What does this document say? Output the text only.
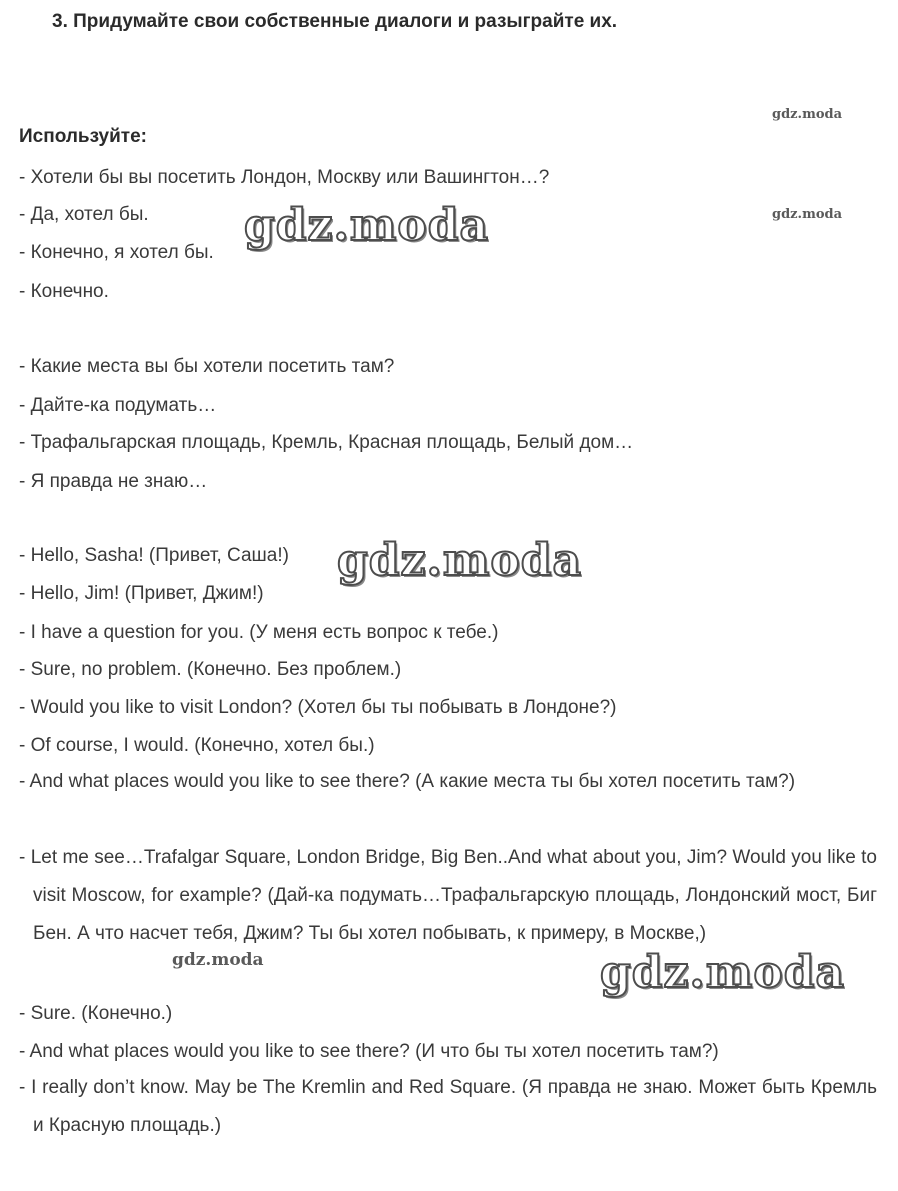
3. Придумайте свои собственные диалоги и разыграйте их.
gdz.moda
gdz.moda
Используйте:
- Хотели бы вы посетить Лондон, Москву или Вашингтон…?
- Да, хотел бы.
- Конечно, я хотел бы.
- Конечно.
- Какие места вы бы хотели посетить там?
- Дайте-ка подумать…
- Трафальгарская площадь, Кремль, Красная площадь, Белый дом…
- Я правда не знаю…
- Hello, Sasha! (Привет, Саша!)
- Hello, Jim! (Привет, Джим!)
- I have a question for you. (У меня есть вопрос к тебе.)
- Sure, no problem. (Конечно. Без проблем.)
- Would you like to visit London? (Хотел бы ты побывать в Лондоне?)
- Of course, I would. (Конечно, хотел бы.)
- And what places would you like to see there? (А какие места ты бы хотел посетить там?)
- Let me see…Trafalgar Square, London Bridge, Big Ben..And what about you, Jim? Would you like to visit Moscow, for example? (Дай-ка подумать…Трафальгарскую площадь, Лондонский мост, Биг Бен. А что насчет тебя, Джим? Ты бы хотел побывать, к примеру, в Москве,)
- Sure. (Конечно.)
- And what places would you like to see there? (И что бы ты хотел посетить там?)
- I really don’t know. May be The Kremlin and Red Square. (Я правда не знаю. Может быть Кремль и Красную площадь.)
gdz.moda
gdz.moda
gdz.moda
gdz.moda
